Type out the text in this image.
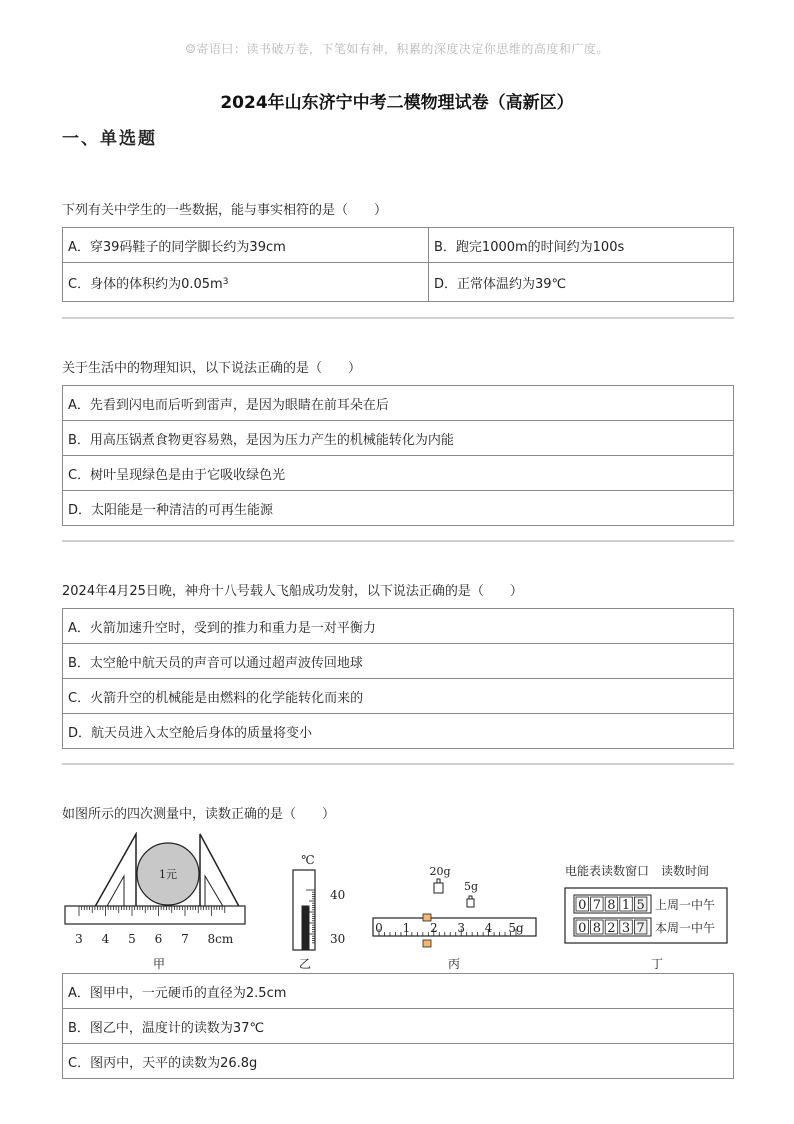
☺寄语曰：读书破万卷，下笔如有神，积累的深度决定你思维的高度和广度。
2024年山东济宁中考二模物理试卷（高新区）
一、单选题
下列有关中学生的一些数据，能与事实相符的是（　　）
A．穿39码鞋子的同学脚长约为39cm	B．跑完1000m的时间约为100s
C．身体的体积约为0.05m 3	D．正常体温约为39℃
关于生活中的物理知识，以下说法正确的是（　　）
A．先看到闪电而后听到雷声，是因为眼睛在前耳朵在后
B．用高压锅煮食物更容易熟，是因为压力产生的机械能转化为内能
C．树叶呈现绿色是由于它吸收绿色光
D．太阳能是一种清洁的可再生能源
2024年4月25日晚，神舟十八号载人飞船成功发射，以下说法正确的是（　　）
A．火箭加速升空时，受到的推力和重力是一对平衡力
B．太空舱中航天员的声音可以通过超声波传回地球
C．火箭升空的机械能是由燃料的化学能转化而来的
D．航天员进入太空舱后身体的质量将变小
如图所示的四次测量中，读数正确的是（　　）
1元
3 4 5 6 7 8cm
甲
℃
40
30
乙
20g
5g
0 1 2 3 4 5g
丙
电能表读数窗口　读数时间
0 7 8 1 5
0 8 2 3 7
上周一中午
本周一中午
丁
A．图甲中，一元硬币的直径为2.5cm
B．图乙中，温度计的读数为37℃
C．图丙中，天平的读数为26.8g
